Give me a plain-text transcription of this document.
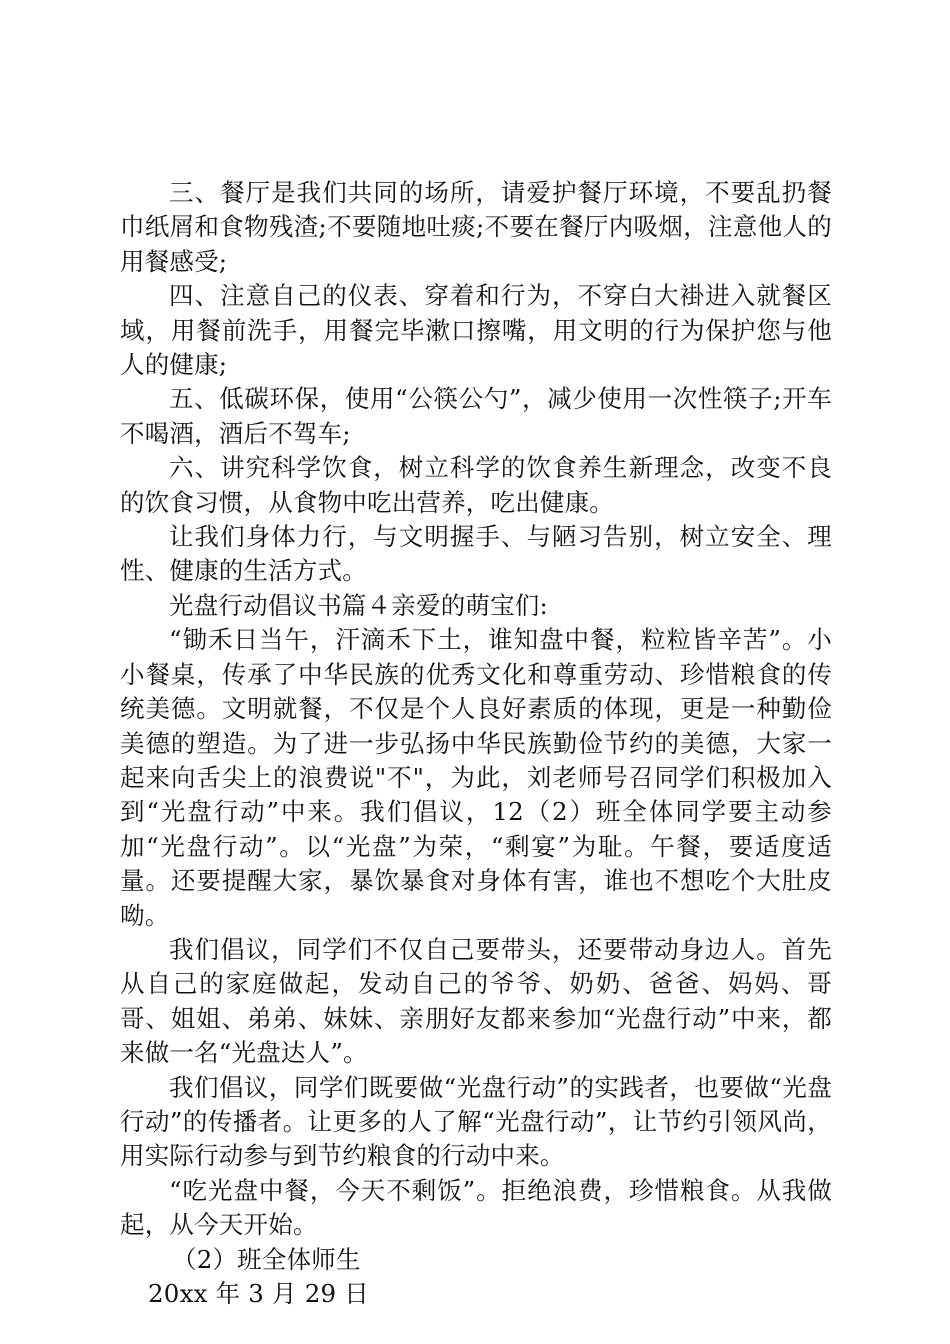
三、餐厅是我们共同的场所，请爱护餐厅环境，不要乱扔餐巾纸屑和食物残渣;不要随地吐痰;不要在餐厅内吸烟，注意他人的用餐感受;

四、注意自己的仪表、穿着和行为，不穿白大褂进入就餐区域，用餐前洗手，用餐完毕漱口擦嘴，用文明的行为保护您与他人的健康;

五、低碳环保，使用“公筷公勺”，减少使用一次性筷子;开车不喝酒，酒后不驾车;

六、讲究科学饮食，树立科学的饮食养生新理念，改变不良的饮食习惯，从食物中吃出营养，吃出健康。

让我们身体力行，与文明握手、与陋习告别，树立安全、理性、健康的生活方式。

光盘行动倡议书篇４亲爱的萌宝们:

“锄禾日当午，汗滴禾下土，谁知盘中餐，粒粒皆辛苦”。小小餐桌，传承了中华民族的优秀文化和尊重劳动、珍惜粮食的传统美德。文明就餐，不仅是个人良好素质的体现，更是一种勤俭美德的塑造。为了进一步弘扬中华民族勤俭节约的美德，大家一起来向舌尖上的浪费说"不"，为此，刘老师号召同学们积极加入到“光盘行动”中来。我们倡议，12（2）班全体同学要主动参加“光盘行动”。以“光盘”为荣，“剩宴”为耻。午餐，要适度适量。还要提醒大家，暴饮暴食对身体有害，谁也不想吃个大肚皮呦。

我们倡议，同学们不仅自己要带头，还要带动身边人。首先从自己的家庭做起，发动自己的爷爷、奶奶、爸爸、妈妈、哥哥、姐姐、弟弟、妹妹、亲朋好友都来参加“光盘行动”中来，都来做一名“光盘达人”。

我们倡议，同学们既要做“光盘行动”的实践者，也要做“光盘行动”的传播者。让更多的人了解“光盘行动”，让节约引领风尚，用实际行动参与到节约粮食的行动中来。

“吃光盘中餐，今天不剩饭”。拒绝浪费，珍惜粮食。从我做起，从今天开始。

（2）班全体师生

20xx 年 3 月 29 日
